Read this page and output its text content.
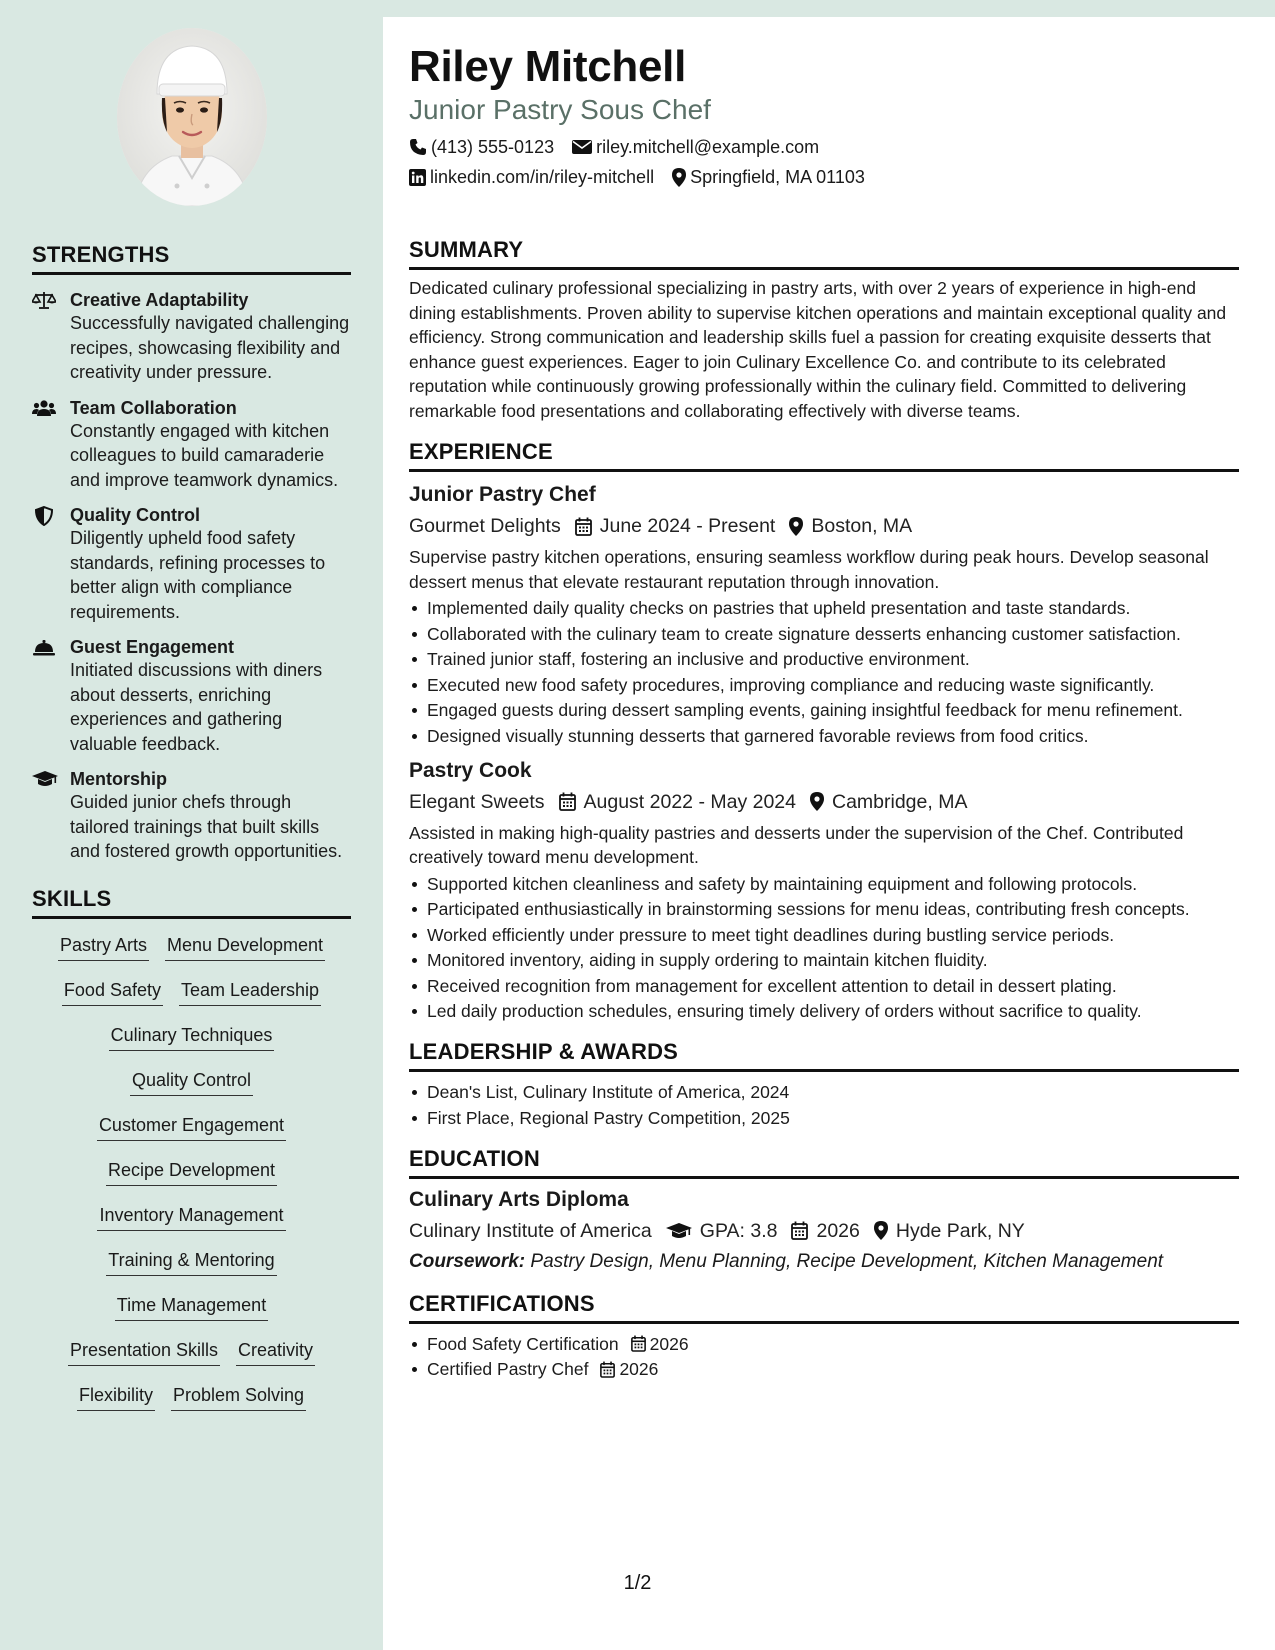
STRENGTHS
Creative Adaptability
Successfully navigated challenging recipes, showcasing flexibility and creativity under pressure.
Team Collaboration
Constantly engaged with kitchen colleagues to build camaraderie and improve teamwork dynamics.
Quality Control
Diligently upheld food safety standards, refining processes to better align with compliance requirements.
Guest Engagement
Initiated discussions with diners about desserts, enriching experiences and gathering valuable feedback.
Mentorship
Guided junior chefs through tailored trainings that built skills and fostered growth opportunities.
SKILLS
Pastry Arts Menu Development
Food Safety Team Leadership
Culinary Techniques
Quality Control
Customer Engagement
Recipe Development
Inventory Management
Training & Mentoring
Time Management
Presentation Skills Creativity
Flexibility Problem Solving
Riley Mitchell
Junior Pastry Sous Chef
(413) 555-0123 riley.mitchell@example.com
linkedin.com/in/riley-mitchell Springfield, MA 01103
SUMMARY
Dedicated culinary professional specializing in pastry arts, with over 2 years of experience in high-end dining establishments. Proven ability to supervise kitchen operations and maintain exceptional quality and efficiency. Strong communication and leadership skills fuel a passion for creating exquisite desserts that enhance guest experiences. Eager to join Culinary Excellence Co. and contribute to its celebrated reputation while continuously growing professionally within the culinary field. Committed to delivering remarkable food presentations and collaborating effectively with diverse teams.
EXPERIENCE
Junior Pastry Chef
Gourmet Delights June 2024 - Present Boston, MA
Supervise pastry kitchen operations, ensuring seamless workflow during peak hours. Develop seasonal dessert menus that elevate restaurant reputation through innovation.
Implemented daily quality checks on pastries that upheld presentation and taste standards.
Collaborated with the culinary team to create signature desserts enhancing customer satisfaction.
Trained junior staff, fostering an inclusive and productive environment.
Executed new food safety procedures, improving compliance and reducing waste significantly.
Engaged guests during dessert sampling events, gaining insightful feedback for menu refinement.
Designed visually stunning desserts that garnered favorable reviews from food critics.
Pastry Cook
Elegant Sweets August 2022 - May 2024 Cambridge, MA
Assisted in making high-quality pastries and desserts under the supervision of the Chef. Contributed creatively toward menu development.
Supported kitchen cleanliness and safety by maintaining equipment and following protocols.
Participated enthusiastically in brainstorming sessions for menu ideas, contributing fresh concepts.
Worked efficiently under pressure to meet tight deadlines during bustling service periods.
Monitored inventory, aiding in supply ordering to maintain kitchen fluidity.
Received recognition from management for excellent attention to detail in dessert plating.
Led daily production schedules, ensuring timely delivery of orders without sacrifice to quality.
LEADERSHIP & AWARDS
Dean's List, Culinary Institute of America, 2024
First Place, Regional Pastry Competition, 2025
EDUCATION
Culinary Arts Diploma
Culinary Institute of America GPA: 3.8 2026 Hyde Park, NY
Coursework: Pastry Design, Menu Planning, Recipe Development, Kitchen Management
CERTIFICATIONS
Food Safety Certification 2026
Certified Pastry Chef 2026
1/2
